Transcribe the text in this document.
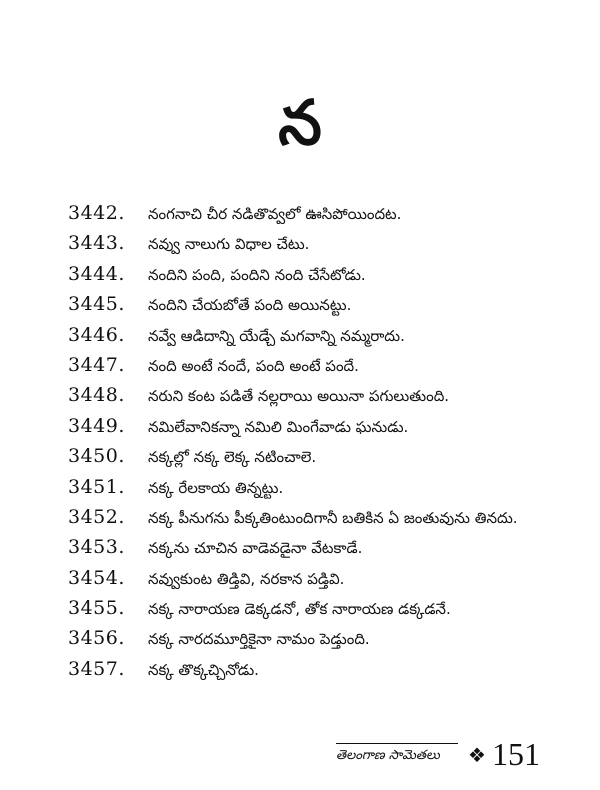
న
3442.	నంగనాచి చీర నడితొవ్వలో ఊసిపోయిందట.
3443.	నవ్వు నాలుగు విధాల చేటు.
3444.	నందిని పంది, పందిని నంది చేసేటోడు.
3445.	నందిని చేయబోతే పంది అయినట్టు.
3446.	నవ్వే ఆడిదాన్ని యేడ్చే మగవాన్ని నమ్మరాదు.
3447.	నంది అంటే నందే, పంది అంటే పందే.
3448.	నరుని కంట పడితే నల్లరాయి అయినా పగులుతుంది.
3449.	నమిలేవానికన్నా నమిలి మింగేవాడు ఘనుడు.
3450.	నక్కల్లో నక్క లెక్క నటించాలె.
3451.	నక్క రేలకాయ తిన్నట్టు.
3452.	నక్క పీనుగను పీక్కతింటుందిగానీ బతికిన ఏ జంతువును తినదు.
3453.	నక్కను చూచిన వాడెవడైనా వేటకాడే.
3454.	నవ్వుకుంట తిడ్తివి, నరకాన పడ్తివి.
3455.	నక్క నారాయణ డెక్కడనో, తోక నారాయణ డక్కడనే.
3456.	నక్క నారదమూర్తికైనా నామం పెడ్తుంది.
3457.	నక్క తొక్కచ్చినోడు.
తెలంగాణ సామెతలు	❖ 151
